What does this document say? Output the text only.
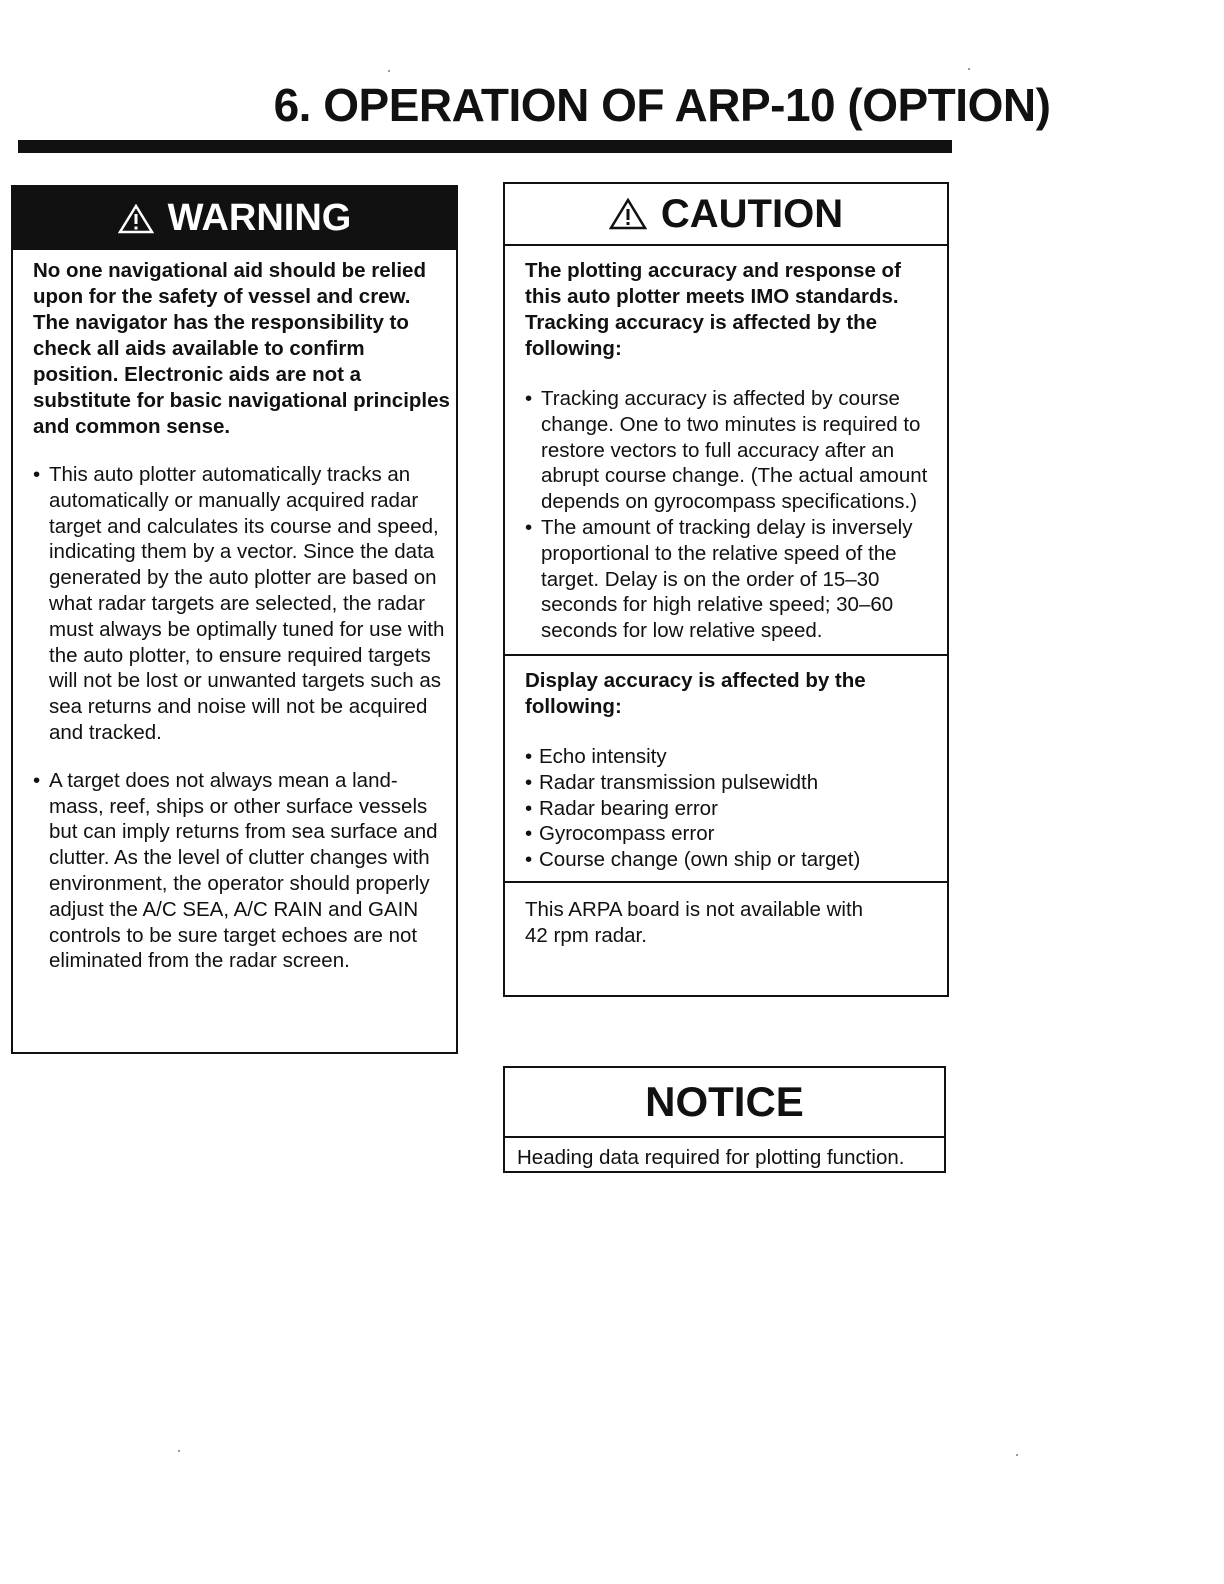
6. OPERATION OF ARP-10 (OPTION)
WARNING

No one navigational aid should be relied upon for the safety of vessel and crew. The navigator has the responsibility to check all aids available to confirm position. Electronic aids are not a substitute for basic navigational principles and common sense.

• This auto plotter automatically tracks an automatically or manually acquired radar target and calculates its course and speed, indicating them by a vector. Since the data generated by the auto plotter are based on what radar targets are selected, the radar must always be optimally tuned for use with the auto plotter, to ensure required targets will not be lost or unwanted targets such as sea returns and noise will not be acquired and tracked.
• A target does not always mean a land-mass, reef, ships or other surface vessels but can imply returns from sea surface and clutter. As the level of clutter changes with environment, the operator should properly adjust the A/C SEA, A/C RAIN and GAIN controls to be sure target echoes are not eliminated from the radar screen.
CAUTION

The plotting accuracy and response of this auto plotter meets IMO standards. Tracking accuracy is affected by the following:

• Tracking accuracy is affected by course change. One to two minutes is required to restore vectors to full accuracy after an abrupt course change. (The actual amount depends on gyrocompass specifications.)
• The amount of tracking delay is inversely proportional to the relative speed of the target. Delay is on the order of 15–30 seconds for high relative speed; 30–60 seconds for low relative speed.

Display accuracy is affected by the following:

• Echo intensity
• Radar transmission pulsewidth
• Radar bearing error
• Gyrocompass error
• Course change (own ship or target)

This ARPA board is not available with 42 rpm radar.

NOTICE
Heading data required for plotting function.
